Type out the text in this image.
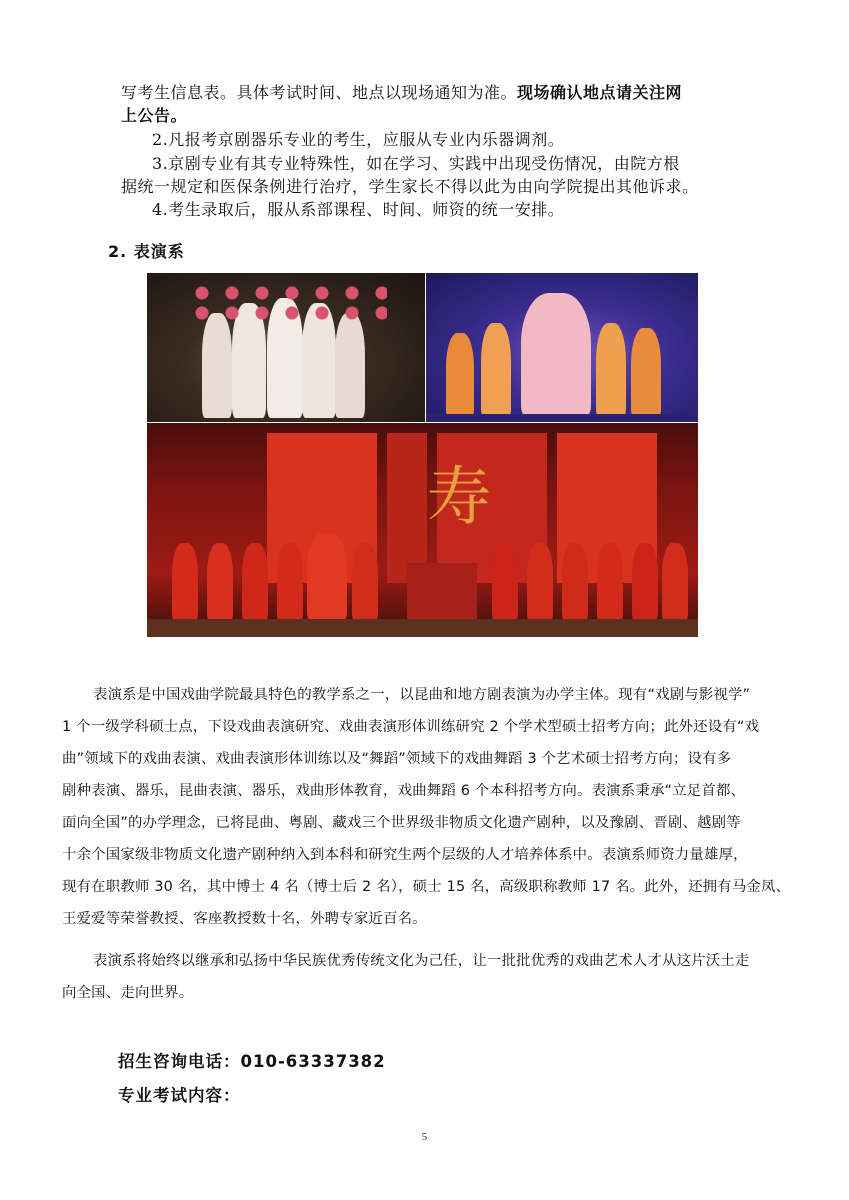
写考生信息表。具体考试时间、地点以现场通知为准。现场确认地点请关注网
上公告。
2.凡报考京剧器乐专业的考生，应服从专业内乐器调剂。
3.京剧专业有其专业特殊性，如在学习、实践中出现受伤情况，由院方根
据统一规定和医保条例进行治疗，学生家长不得以此为由向学院提出其他诉求。
4.考生录取后，服从系部课程、时间、师资的统一安排。
2. 表演系
寿
表演系是中国戏曲学院最具特色的教学系之一，以昆曲和地方剧表演为办学主体。现有“戏剧与影视学”
1 个一级学科硕士点，下设戏曲表演研究、戏曲表演形体训练研究 2 个学术型硕士招考方向；此外还设有“戏
曲”领域下的戏曲表演、戏曲表演形体训练以及“舞蹈”领域下的戏曲舞蹈 3 个艺术硕士招考方向；设有多
剧种表演、器乐，昆曲表演、器乐，戏曲形体教育，戏曲舞蹈 6 个本科招考方向。表演系秉承“立足首都、
面向全国”的办学理念，已将昆曲、粤剧、藏戏三个世界级非物质文化遗产剧种，以及豫剧、晋剧、越剧等
十余个国家级非物质文化遗产剧种纳入到本科和研究生两个层级的人才培养体系中。表演系师资力量雄厚，
现有在职教师 30 名，其中博士 4 名（博士后 2 名），硕士 15 名，高级职称教师 17 名。此外，还拥有马金凤、
王爱爱等荣誉教授、客座教授数十名，外聘专家近百名。
表演系将始终以继承和弘扬中华民族优秀传统文化为己任，让一批批优秀的戏曲艺术人才从这片沃土走
向全国、走向世界。
招生咨询电话：010-63337382
专业考试内容：
5
